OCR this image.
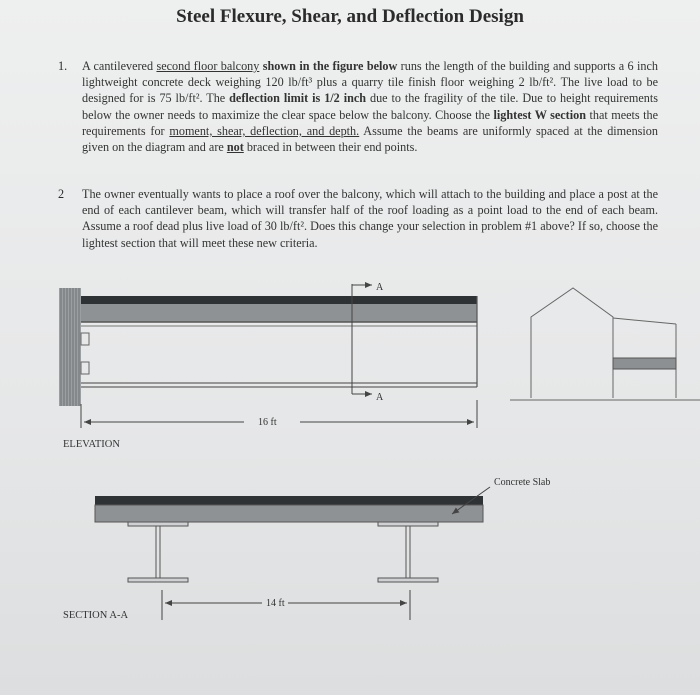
Steel Flexure, Shear, and Deflection Design
1.	A cantilevered second floor balcony shown in the figure below runs the length of the building and supports a 6 inch lightweight concrete deck weighing 120 lb/ft³ plus a quarry tile finish floor weighing 2 lb/ft². The live load to be designed for is 75 lb/ft². The deflection limit is 1/2 inch due to the fragility of the tile. Due to height requirements below the owner needs to maximize the clear space below the balcony. Choose the lightest W section that meets the requirements for moment, shear, deflection, and depth. Assume the beams are uniformly spaced at the dimension given on the diagram and are not braced in between their end points.
2	The owner eventually wants to place a roof over the balcony, which will attach to the building and place a post at the end of each cantilever beam, which will transfer half of the roof loading as a point load to the end of each beam. Assume a roof dead plus live load of 30 lb/ft². Does this change your selection in problem #1 above? If so, choose the lightest section that will meet these new criteria.
A
A
16 ft
ELEVATION
Concrete Slab
14 ft
SECTION A-A
